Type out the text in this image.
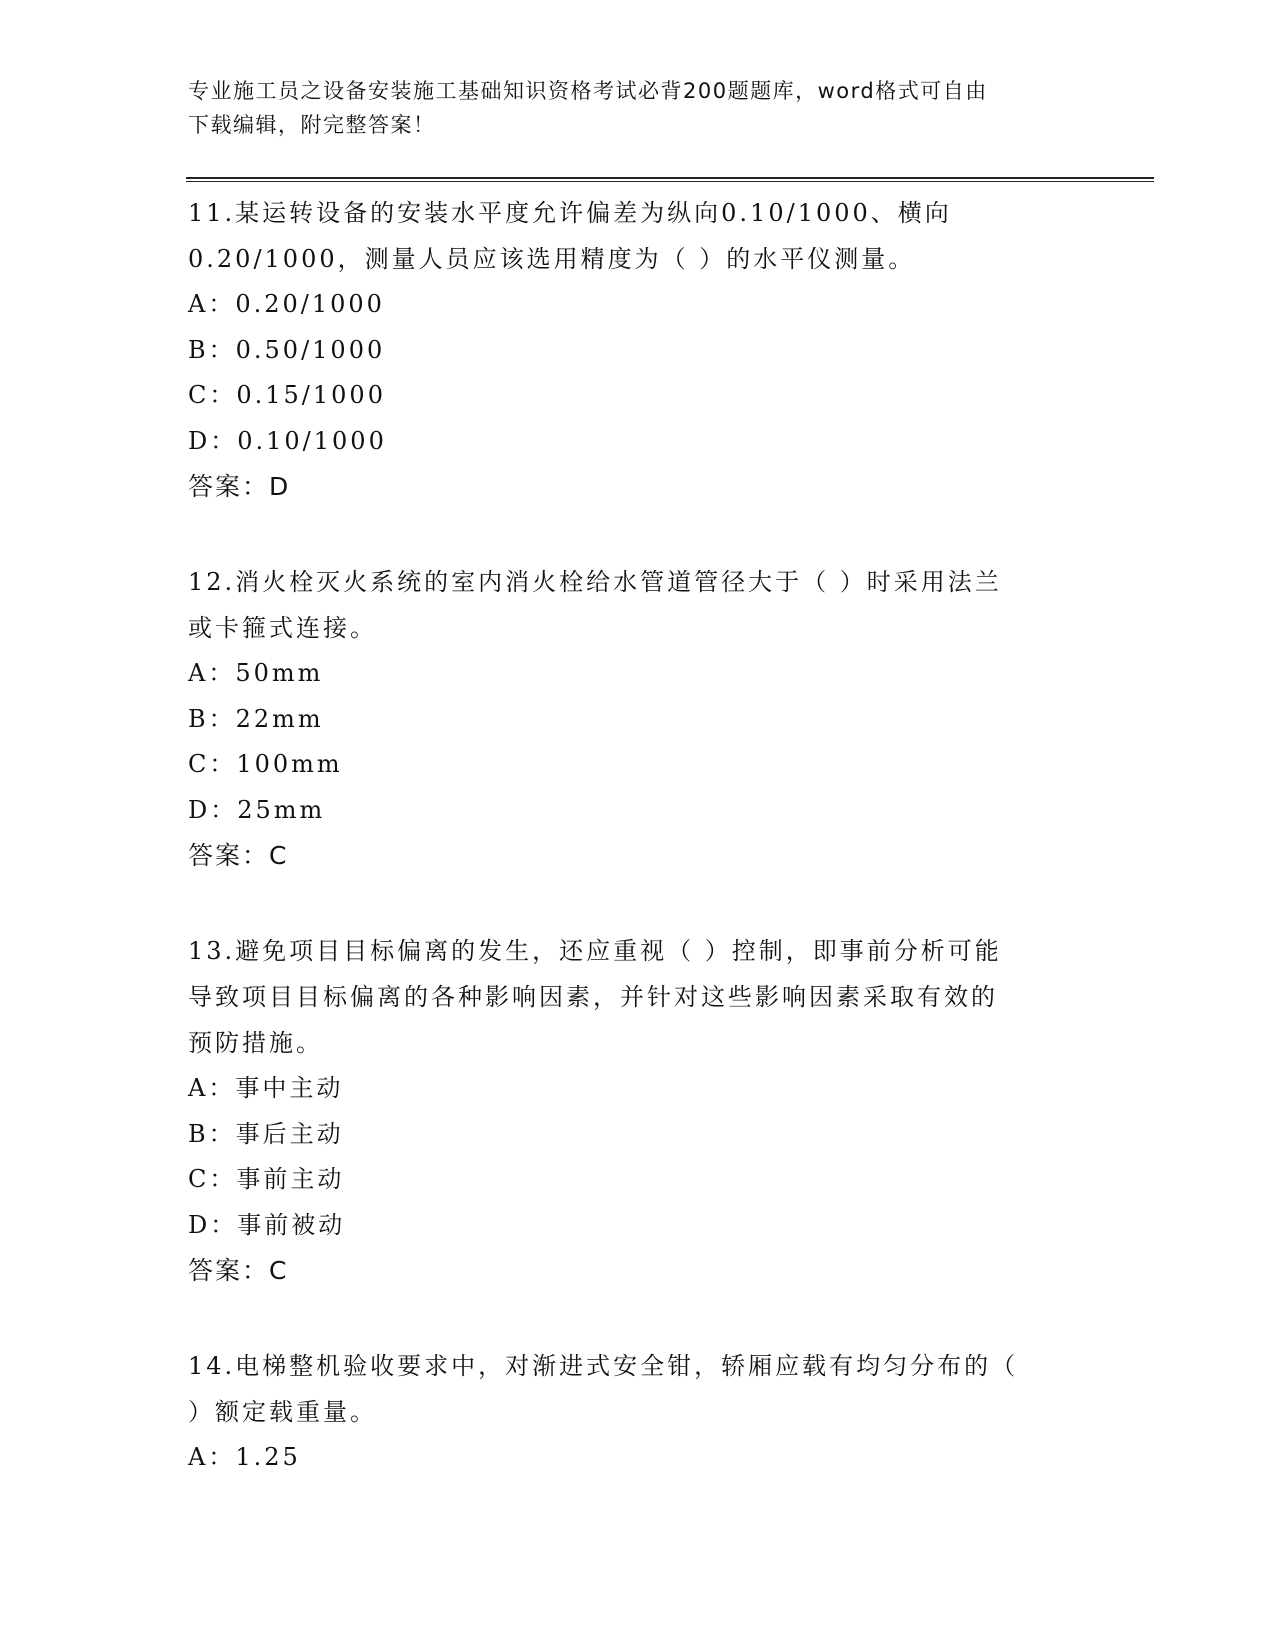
专业施工员之设备安装施工基础知识资格考试必背200题题库，word格式可自由
下载编辑，附完整答案！
11.某运转设备的安装水平度允许偏差为纵向0.10/1000、横向
0.20/1000，测量人员应该选用精度为（ ）的水平仪测量。
A：0.20/1000
B：0.50/1000
C：0.15/1000
D：0.10/1000
答案：D
12.消火栓灭火系统的室内消火栓给水管道管径大于（ ）时采用法兰
或卡箍式连接。
A：50mm
B：22mm
C：100mm
D：25mm
答案：C
13.避免项目目标偏离的发生，还应重视（ ）控制，即事前分析可能
导致项目目标偏离的各种影响因素，并针对这些影响因素采取有效的
预防措施。
A：事中主动
B：事后主动
C：事前主动
D：事前被动
答案：C
14.电梯整机验收要求中，对渐进式安全钳，轿厢应载有均匀分布的（
）额定载重量。
A：1.25
